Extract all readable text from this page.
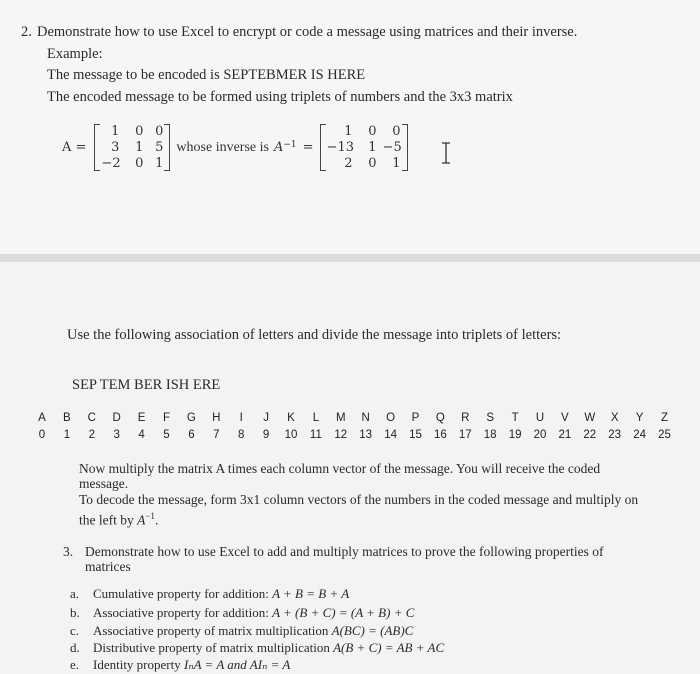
2. Demonstrate how to use Excel to encrypt or code a message using matrices and their inverse.
Example:
The message to be encoded is SEPTEBMER IS HERE
The encoded message to be formed using triplets of numbers and the 3x3 matrix
A =
1	0 0
3	1 5
−2	0 1
whose inverse is $A^{-1}$ =
1	0	0
−13	1 −5
2	0	1
Use the following association of letters and divide the message into triplets of letters:
SEP TEM BER ISH ERE
A B C D E F G H I J K L M N O P Q R S T U V W X Y Z
0 1 2 3 4 5 6 7 8 9 10 11 12 13 14 15 16 17 18 19 20 21 22 23 24 25
Now multiply the matrix A times each column vector of the message. You will receive the coded
message.
To decode the message, form 3x1 column vectors of the numbers in the coded message and multiply on
the left by $A^{-1}$.
3. Demonstrate how to use Excel to add and multiply matrices to prove the following properties of
matrices
a. Cumulative property for addition: A + B = B + A
b. Associative property for addition: A + (B + C) = (A + B) + C
c. Associative property of matrix multiplication A(BC) = (AB)C
d. Distributive property of matrix multiplication A(B + C) = AB + AC
e. Identity property IₙA = A and AIₙ = A
